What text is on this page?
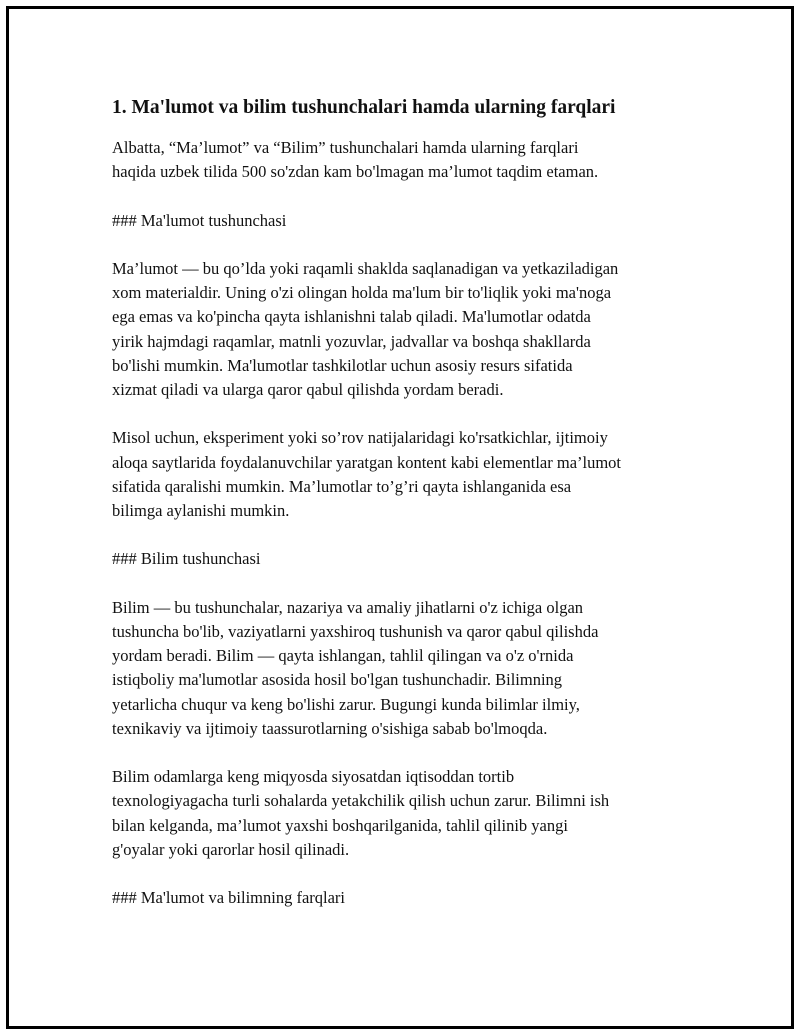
1. Ma'lumot va bilim tushunchalari hamda ularning farqlari
Albatta, “Ma’lumot” va “Bilim” tushunchalari hamda ularning farqlari
haqida uzbek tilida 500 so'zdan kam bo'lmagan ma’lumot taqdim etaman.
### Ma'lumot tushunchasi
Ma’lumot — bu qo’lda yoki raqamli shaklda saqlanadigan va yetkaziladigan
xom materialdir. Uning o'zi olingan holda ma'lum bir to'liqlik yoki ma'noga
ega emas va ko'pincha qayta ishlanishni talab qiladi. Ma'lumotlar odatda
yirik hajmdagi raqamlar, matnli yozuvlar, jadvallar va boshqa shakllarda
bo'lishi mumkin. Ma'lumotlar tashkilotlar uchun asosiy resurs sifatida
xizmat qiladi va ularga qaror qabul qilishda yordam beradi.
Misol uchun, eksperiment yoki so’rov natijalaridagi ko'rsatkichlar, ijtimoiy
aloqa saytlarida foydalanuvchilar yaratgan kontent kabi elementlar ma’lumot
sifatida qaralishi mumkin. Ma’lumotlar to’g’ri qayta ishlanganida esa
bilimga aylanishi mumkin.
### Bilim tushunchasi
Bilim — bu tushunchalar, nazariya va amaliy jihatlarni o'z ichiga olgan
tushuncha bo'lib, vaziyatlarni yaxshiroq tushunish va qaror qabul qilishda
yordam beradi. Bilim — qayta ishlangan, tahlil qilingan va o'z o'rnida
istiqboliy ma'lumotlar asosida hosil bo'lgan tushunchadir. Bilimning
yetarlicha chuqur va keng bo'lishi zarur. Bugungi kunda bilimlar ilmiy,
texnikaviy va ijtimoiy taassurotlarning o'sishiga sabab bo'lmoqda.
Bilim odamlarga keng miqyosda siyosatdan iqtisoddan tortib
texnologiyagacha turli sohalarda yetakchilik qilish uchun zarur. Bilimni ish
bilan kelganda, ma’lumot yaxshi boshqarilganida, tahlil qilinib yangi
g'oyalar yoki qarorlar hosil qilinadi.
### Ma'lumot va bilimning farqlari
